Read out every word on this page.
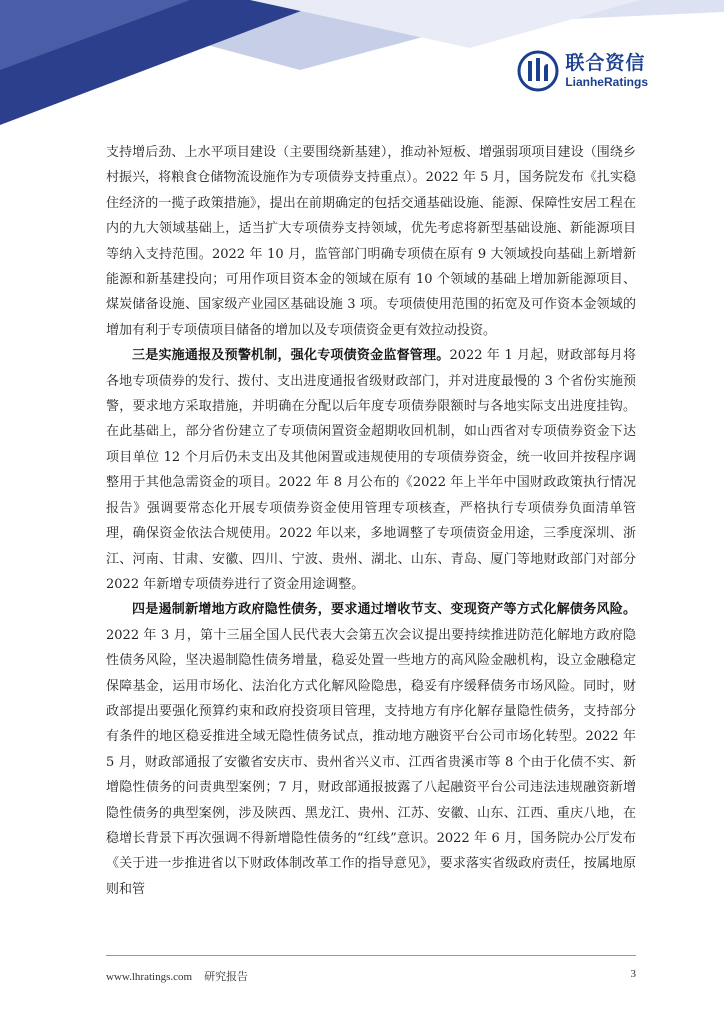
联合资信
LianheRatings

支持增后劲、上水平项目建设（主要围绕新基建），推动补短板、增强弱项项目建设（围绕乡村振兴，将粮食仓储物流设施作为专项债券支持重点）。2022 年 5 月，国务院发布《扎实稳住经济的一揽子政策措施》，提出在前期确定的包括交通基础设施、能源、保障性安居工程在内的九大领域基础上，适当扩大专项债券支持领域，优先考虑将新型基础设施、新能源项目等纳入支持范围。2022 年 10 月，监管部门明确专项债在原有 9 大领域投向基础上新增新能源和新基建投向；可用作项目资本金的领域在原有 10 个领域的基础上增加新能源项目、煤炭储备设施、国家级产业园区基础设施 3 项。专项债使用范围的拓宽及可作资本金领域的增加有利于专项债项目储备的增加以及专项债资金更有效拉动投资。

三是实施通报及预警机制，强化专项债资金监督管理。2022 年 1 月起，财政部每月将各地专项债券的发行、拨付、支出进度通报省级财政部门，并对进度最慢的 3 个省份实施预警，要求地方采取措施，并明确在分配以后年度专项债券限额时与各地实际支出进度挂钩。在此基础上，部分省份建立了专项债闲置资金超期收回机制，如山西省对专项债券资金下达项目单位 12 个月后仍未支出及其他闲置或违规使用的专项债券资金，统一收回并按程序调整用于其他急需资金的项目。2022 年 8 月公布的《2022 年上半年中国财政政策执行情况报告》强调要常态化开展专项债券资金使用管理专项核查，严格执行专项债券负面清单管理，确保资金依法合规使用。2022 年以来，多地调整了专项债资金用途，三季度深圳、浙江、河南、甘肃、安徽、四川、宁波、贵州、湖北、山东、青岛、厦门等地财政部门对部分 2022 年新增专项债券进行了资金用途调整。

四是遏制新增地方政府隐性债务，要求通过增收节支、变现资产等方式化解债务风险。2022 年 3 月，第十三届全国人民代表大会第五次会议提出要持续推进防范化解地方政府隐性债务风险，坚决遏制隐性债务增量，稳妥处置一些地方的高风险金融机构，设立金融稳定保障基金，运用市场化、法治化方式化解风险隐患，稳妥有序缓释债务市场风险。同时，财政部提出要强化预算约束和政府投资项目管理，支持地方有序化解存量隐性债务，支持部分有条件的地区稳妥推进全域无隐性债务试点，推动地方融资平台公司市场化转型。2022 年 5 月，财政部通报了安徽省安庆市、贵州省兴义市、江西省贵溪市等 8 个由于化债不实、新增隐性债务的问责典型案例；7 月，财政部通报披露了八起融资平台公司违法违规融资新增隐性债务的典型案例，涉及陕西、黑龙江、贵州、江苏、安徽、山东、江西、重庆八地，在稳增长背景下再次强调不得新增隐性债务的“红线”意识。2022 年 6 月，国务院办公厅发布《关于进一步推进省以下财政体制改革工作的指导意见》，要求落实省级政府责任，按属地原则和管

www.lhratings.com 研究报告	3
